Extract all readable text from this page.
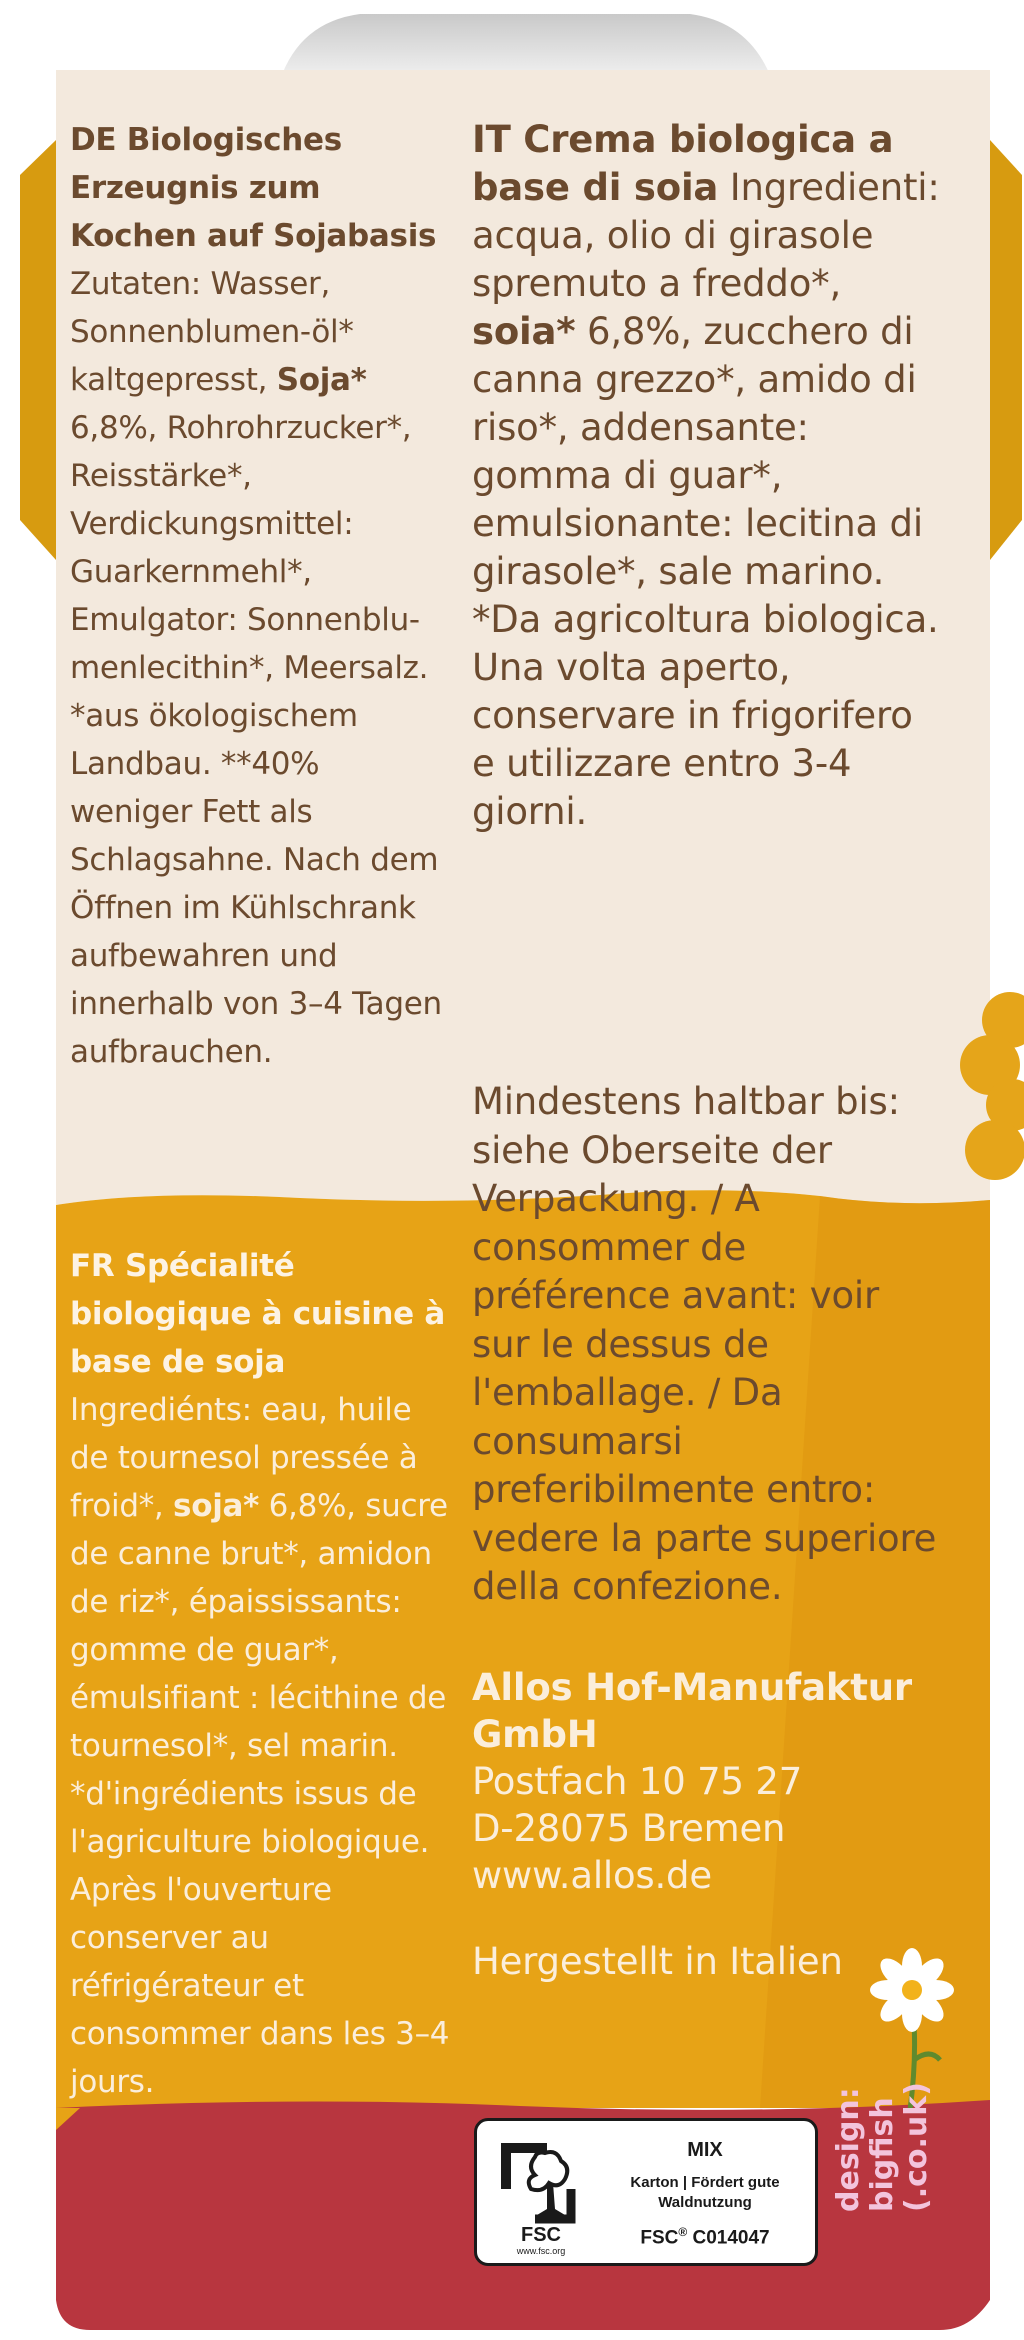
DE Biologisches Erzeugnis zum Kochen auf Sojabasis Zutaten: Wasser, Sonnenblumen-öl* kaltgepresst, Soja* 6,8%, Rohrohrzucker*, Reisstärke*, Verdickungsmittel: Guarkernmehl*, Emulgator: Sonnenblu-menlecithin*, Meersalz. *aus ökologischem Landbau. **40% weniger Fett als Schlagsahne. Nach dem Öffnen im Kühlschrank aufbewahren und innerhalb von 3–4 Tagen aufbrauchen.
IT Crema biologica a base di soia Ingredienti: acqua, olio di girasole spremuto a freddo*, soia* 6,8%, zucchero di canna grezzo*, amido di riso*, addensante: gomma di guar*, emulsionante: lecitina di girasole*, sale marino. *Da agricoltura biologica. Una volta aperto, conservare in frigorifero e utilizzare entro 3-4 giorni.
FR Spécialité biologique à cuisine à base de soja Ingrediénts: eau, huile de tournesol pressée à froid*, soja* 6,8%, sucre de canne brut*, amidon de riz*, épaississants: gomme de guar*, émulsifiant : lécithine de tournesol*, sel marin. *d'ingrédients issus de l'agriculture biologique. Après l'ouverture conserver au réfrigérateur et consommer dans les 3–4 jours.
Mindestens haltbar bis: siehe Oberseite der Verpackung. / A consommer de préférence avant: voir sur le dessus de l'emballage. / Da consumarsi preferibilmente entro: vedere la parte superiore della confezione.
Allos Hof-Manufaktur GmbH
Postfach 10 75 27
D-28075 Bremen
www.allos.de
Hergestellt in Italien
FSC
www.fsc.org
MIX
Karton | Fördert gute Waldnutzung
FSC® C014047
design: bigfish (.co.uk)
